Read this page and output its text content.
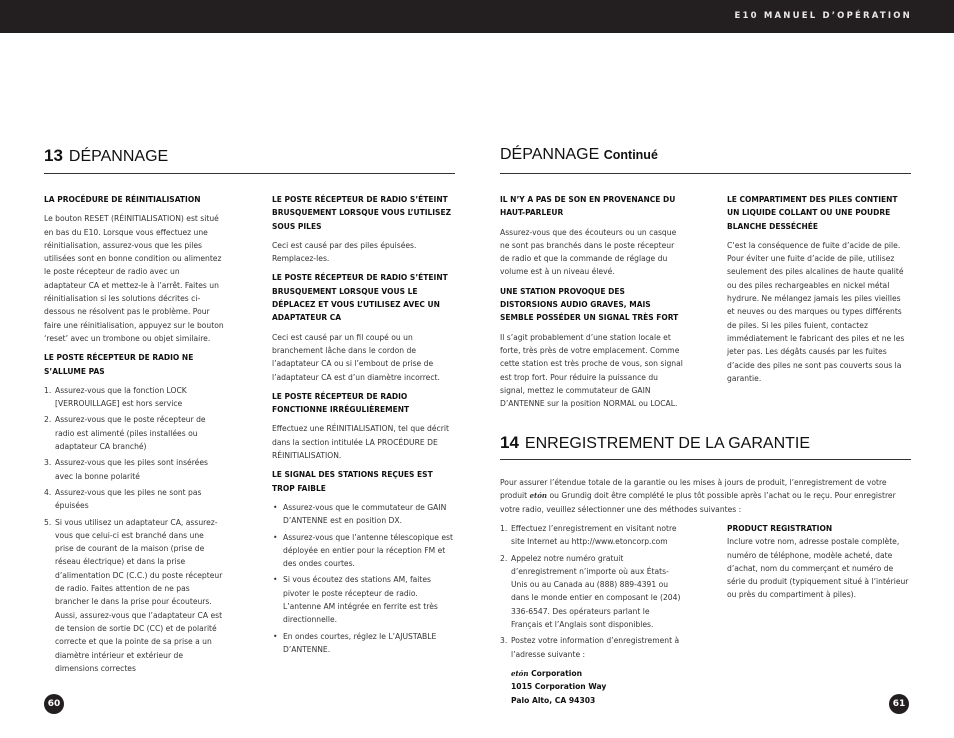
E10 MANUEL D’OPÉRATION
13 DÉPANNAGE
LA PROCÉDURE DE RÉINITIALISATION

Le bouton RESET (RÉINITIALISATION) est situé en bas du E10. Lorsque vous effectuez une réinitialisation, assurez-vous que les piles utilisées sont en bonne condition ou alimentez le poste récepteur de radio avec un adaptateur CA et mettez-le à l’arrêt. Faites un réinitialisation si les solutions décrites ci-dessous ne résolvent pas le problème. Pour faire une réinitialisation, appuyez sur le bouton ‘reset’ avec un trombone ou objet similaire.

LE POSTE RÉCEPTEUR DE RADIO NE S’ALLUME PAS
1. Assurez-vous que la fonction LOCK [VERROUILLAGE] est hors service
2. Assurez-vous que le poste récepteur de radio est alimenté (piles installées ou adaptateur CA branché)
3. Assurez-vous que les piles sont insérées avec la bonne polarité
4. Assurez-vous que les piles ne sont pas épuisées
5. Si vous utilisez un adaptateur CA, assurez-vous que celui-ci est branché dans une prise de courant de la maison (prise de réseau électrique) et dans la prise d’alimentation DC (C.C.) du poste récepteur de radio. Faites attention de ne pas brancher le dans la prise pour écouteurs. Aussi, assurez-vous que l’adaptateur CA est de tension de sortie DC (CC) et de polarité correcte et que la pointe de sa prise a un diamètre intérieur et extérieur de dimensions correctes
LE POSTE RÉCEPTEUR DE RADIO S’ÉTEINT BRUSQUEMENT LORSQUE VOUS L’UTILISEZ SOUS PILES

Ceci est causé par des piles épuisées. Remplacez-les.

LE POSTE RÉCEPTEUR DE RADIO S’ÉTEINT BRUSQUEMENT LORSQUE VOUS LE DÉPLACEZ ET VOUS L’UTILISEZ AVEC UN ADAPTATEUR CA

Ceci est causé par un fil coupé ou un branchement lâche dans le cordon de l’adaptateur CA ou si l’embout de prise de l’adaptateur CA est d’un diamètre incorrect.

LE POSTE RÉCEPTEUR DE RADIO FONCTIONNE IRRÉGULIÈREMENT

Effectuez une RÉINITIALISATION, tel que décrit dans la section intitulée LA PROCÉDURE DE RÉINITIALISATION.

LE SIGNAL DES STATIONS REÇUES EST TROP FAIBLE
• Assurez-vous que le commutateur de GAIN D’ANTENNE est en position DX.
• Assurez-vous que l’antenne télescopique est déployée en entier pour la réception FM et des ondes courtes.
• Si vous écoutez des stations AM, faites pivoter le poste récepteur de radio. L’antenne AM intégrée en ferrite est très directionnelle.
• En ondes courtes, réglez le L’AJUSTABLE D’ANTENNE.
60
DÉPANNAGE Continué
IL N’Y A PAS DE SON EN PROVENANCE DU HAUT-PARLEUR

Assurez-vous que des écouteurs ou un casque ne sont pas branchés dans le poste récepteur de radio et que la commande de réglage du volume est à un niveau élevé.

UNE STATION PROVOQUE DES DISTORSIONS AUDIO GRAVES, MAIS SEMBLE POSSÉDER UN SIGNAL TRÈS FORT

Il s’agit probablement d’une station locale et forte, très près de votre emplacement. Comme cette station est très proche de vous, son signal est trop fort. Pour réduire la puissance du signal, mettez le commutateur de GAIN D’ANTENNE sur la position NORMAL ou LOCAL.

LE COMPARTIMENT DES PILES CONTIENT UN LIQUIDE COLLANT OU UNE POUDRE BLANCHE DESSÉCHÉE

C’est la conséquence de fuite d’acide de pile. Pour éviter une fuite d’acide de pile, utilisez seulement des piles alcalines de haute qualité ou des piles rechargeables en nickel métal hydrure. Ne mélangez jamais les piles vieilles et neuves ou des marques ou types différents de piles. Si les piles fuient, contactez immédiatement le fabricant des piles et ne les jeter pas. Les dégâts causés par les fuites d’acide des piles ne sont pas couverts sous la garantie.

14 ENREGISTREMENT DE LA GARANTIE
Pour assurer l’étendue totale de la garantie ou les mises à jours de produit, l’enregistrement de votre produit etón ou Grundig doit être complété le plus tôt possible après l’achat ou le reçu. Pour enregistrer votre radio, veuillez sélectionner une des méthodes suivantes :
1. Effectuez l’enregistrement en visitant notre site Internet au http://www.etoncorp.com
2. Appelez notre numéro gratuit d’enregistrement n’importe où aux États-Unis ou au Canada au (888) 889-4391 ou dans le monde entier en composant le (204) 336-6547. Des opérateurs parlant le Français et l’Anglais sont disponibles.
3. Postez votre information d’enregistrement à l’adresse suivante :
etón Corporation
1015 Corporation Way
Palo Alto, CA 94303
PRODUCT REGISTRATION

Inclure votre nom, adresse postale complète, numéro de téléphone, modèle acheté, date d’achat, nom du commerçant et numéro de série du produit (typiquement situé à l’intérieur ou près du compartiment à piles).

61
